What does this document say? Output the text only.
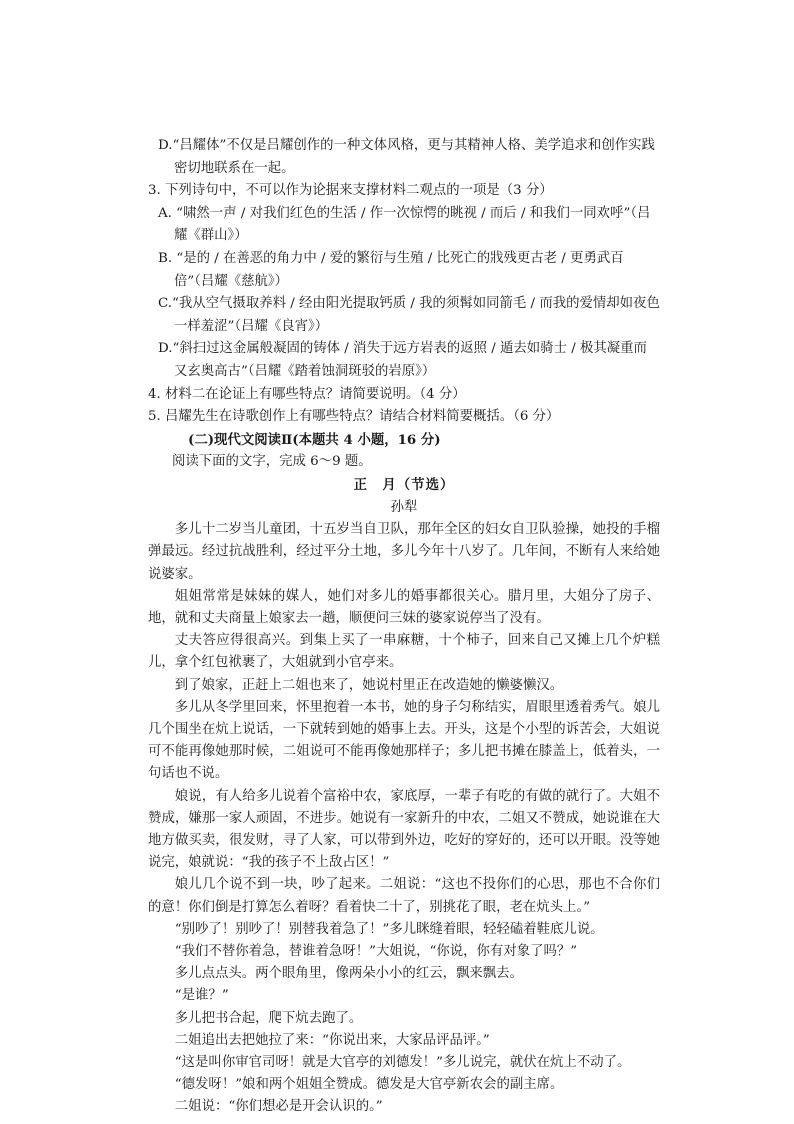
D.“吕耀体”不仅是吕耀创作的一种文体风格，更与其精神人格、美学追求和创作实践密切地联系在一起。

3. 下列诗句中，不可以作为论据来支撑材料二观点的一项是（3 分）

A. “啸然一声 / 对我们红色的生活 / 作一次惊愕的眺视 / 而后 / 和我们一同欢呼”（吕耀《群山》）

B. “是的 / 在善恶的角力中 / 爱的繁衍与生殖 / 比死亡的戕残更古老 / 更勇武百倍”（吕耀《慈航》）

C.“我从空气摄取养料 / 经由阳光提取钙质 / 我的须髯如同箭毛 / 而我的爱情却如夜色一样羞涩”（吕耀《良宵》）

D.“斜扫过这金属般凝固的铸体 / 消失于远方岩表的返照 / 遁去如骑士 / 极其凝重而又玄奥高古”（吕耀《踏着蚀洞斑驳的岩原》）

4. 材料二在论证上有哪些特点？请简要说明。（4 分）

5. 吕耀先生在诗歌创作上有哪些特点？请结合材料简要概括。（6 分）

(二)现代文阅读Ⅱ(本题共 4 小题，16 分)

阅读下面的文字，完成 6～9 题。

正　月（节选）

孙犁

多儿十二岁当儿童团，十五岁当自卫队，那年全区的妇女自卫队验操，她投的手榴弹最远。经过抗战胜利，经过平分土地，多儿今年十八岁了。几年间，不断有人来给她说婆家。

姐姐常常是妹妹的媒人，她们对多儿的婚事都很关心。腊月里，大姐分了房子、地，就和丈夫商量上娘家去一趟，顺便问三妹的婆家说停当了没有。

丈夫答应得很高兴。到集上买了一串麻糖，十个柿子，回来自己又摊上几个炉糕儿，拿个红包袱裹了，大姐就到小官亭来。

到了娘家，正赶上二姐也来了，她说村里正在改造她的懒婆懒汉。

多儿从冬学里回来，怀里抱着一本书，她的身子匀称结实，眉眼里透着秀气。娘儿几个围坐在炕上说话，一下就转到她的婚事上去。开头，这是个小型的诉苦会，大姐说可不能再像她那时候，二姐说可不能再像她那样子；多儿把书摊在膝盖上，低着头，一句话也不说。

娘说，有人给多儿说着个富裕中农，家底厚，一辈子有吃的有做的就行了。大姐不赞成，嫌那一家人顽固，不进步。她说有一家新升的中农，二姐又不赞成，她说谁在大地方做买卖，很发财，寻了人家，可以带到外边，吃好的穿好的，还可以开眼。没等她说完，娘就说：“我的孩子不上敌占区！”

娘儿几个说不到一块，吵了起来。二姐说：“这也不投你们的心思，那也不合你们的意！你们倒是打算怎么着呀？看着快二十了，别挑花了眼，老在炕头上。”

“别吵了！别吵了！别替我着急了！”多儿眯缝着眼，轻轻磕着鞋底儿说。

“我们不替你着急，替谁着急呀！”大姐说，“你说，你有对象了吗？”

多儿点点头。两个眼角里，像两朵小小的红云，飘来飘去。

“是谁？”

多儿把书合起，爬下炕去跑了。

二姐追出去把她拉了来：“你说出来，大家品评品评。”

“这是叫你审官司呀！就是大官亭的刘德发！”多儿说完，就伏在炕上不动了。

“德发呀！”娘和两个姐姐全赞成。德发是大官亭新农会的副主席。

二姐说：“你们想必是开会认识的。”
